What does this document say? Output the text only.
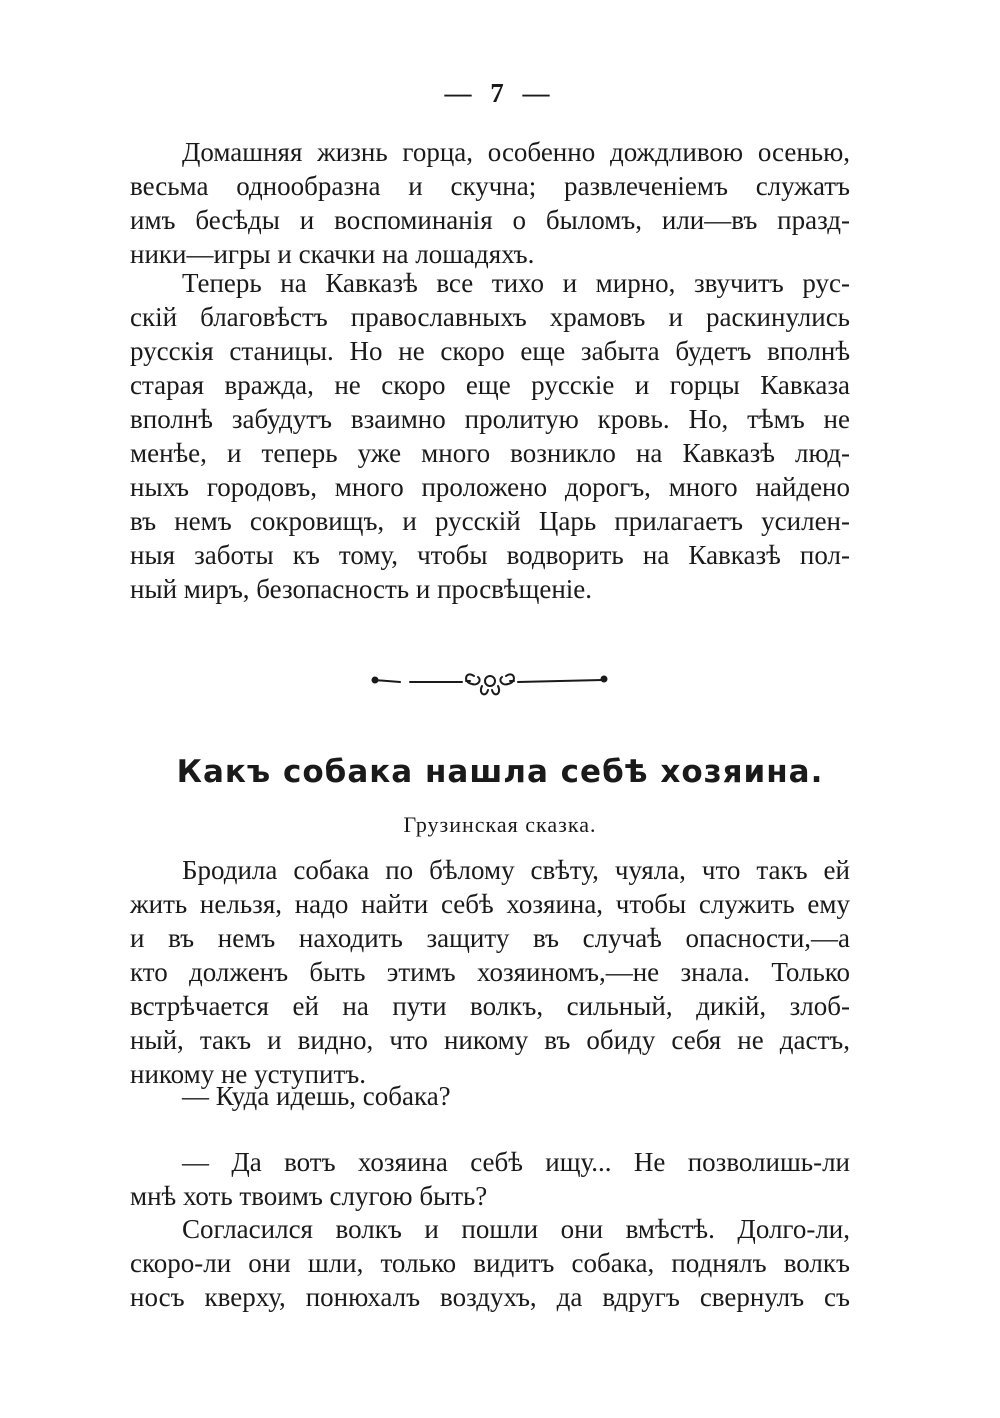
— 7 —
Домашняя жизнь горца, особенно дождливою осенью,
весьма однообразна и скучна; развлеченіемъ служатъ
имъ бесѣды и воспоминанія о быломъ, или—въ празд-
ники—игры и скачки на лошадяхъ.
Теперь на Кавказѣ все тихо и мирно, звучитъ рус-
скій благовѣстъ православныхъ храмовъ и раскинулись
русскія станицы. Но не скоро еще забыта будетъ вполнѣ
старая вражда, не скоро еще русскіе и горцы Кавказа
вполнѣ забудутъ взаимно пролитую кровь. Но, тѣмъ не
менѣе, и теперь уже много возникло на Кавказѣ люд-
ныхъ городовъ, много проложено дорогъ, много найдено
въ немъ сокровищъ, и русскій Царь прилагаетъ усилен-
ныя заботы къ тому, чтобы водворить на Кавказѣ пол-
ный миръ, безопасность и просвѣщеніе.
Какъ собака нашла себѣ хозяина.
Грузинская сказка.
Бродила собака по бѣлому свѣту, чуяла, что такъ ей
жить нельзя, надо найти себѣ хозяина, чтобы служить ему
и въ немъ находить защиту въ случаѣ опасности,—а
кто долженъ быть этимъ хозяиномъ,—не знала. Только
встрѣчается ей на пути волкъ, сильный, дикій, злоб-
ный, такъ и видно, что никому въ обиду себя не дастъ,
никому не уступитъ.
— Куда идешь, собака?
— Да вотъ хозяина себѣ ищу... Не позволишь-ли
мнѣ хоть твоимъ слугою быть?
Согласился волкъ и пошли они вмѣстѣ. Долго-ли,
скоро-ли они шли, только видитъ собака, поднялъ волкъ
носъ кверху, понюхалъ воздухъ, да вдругъ свернулъ съ
